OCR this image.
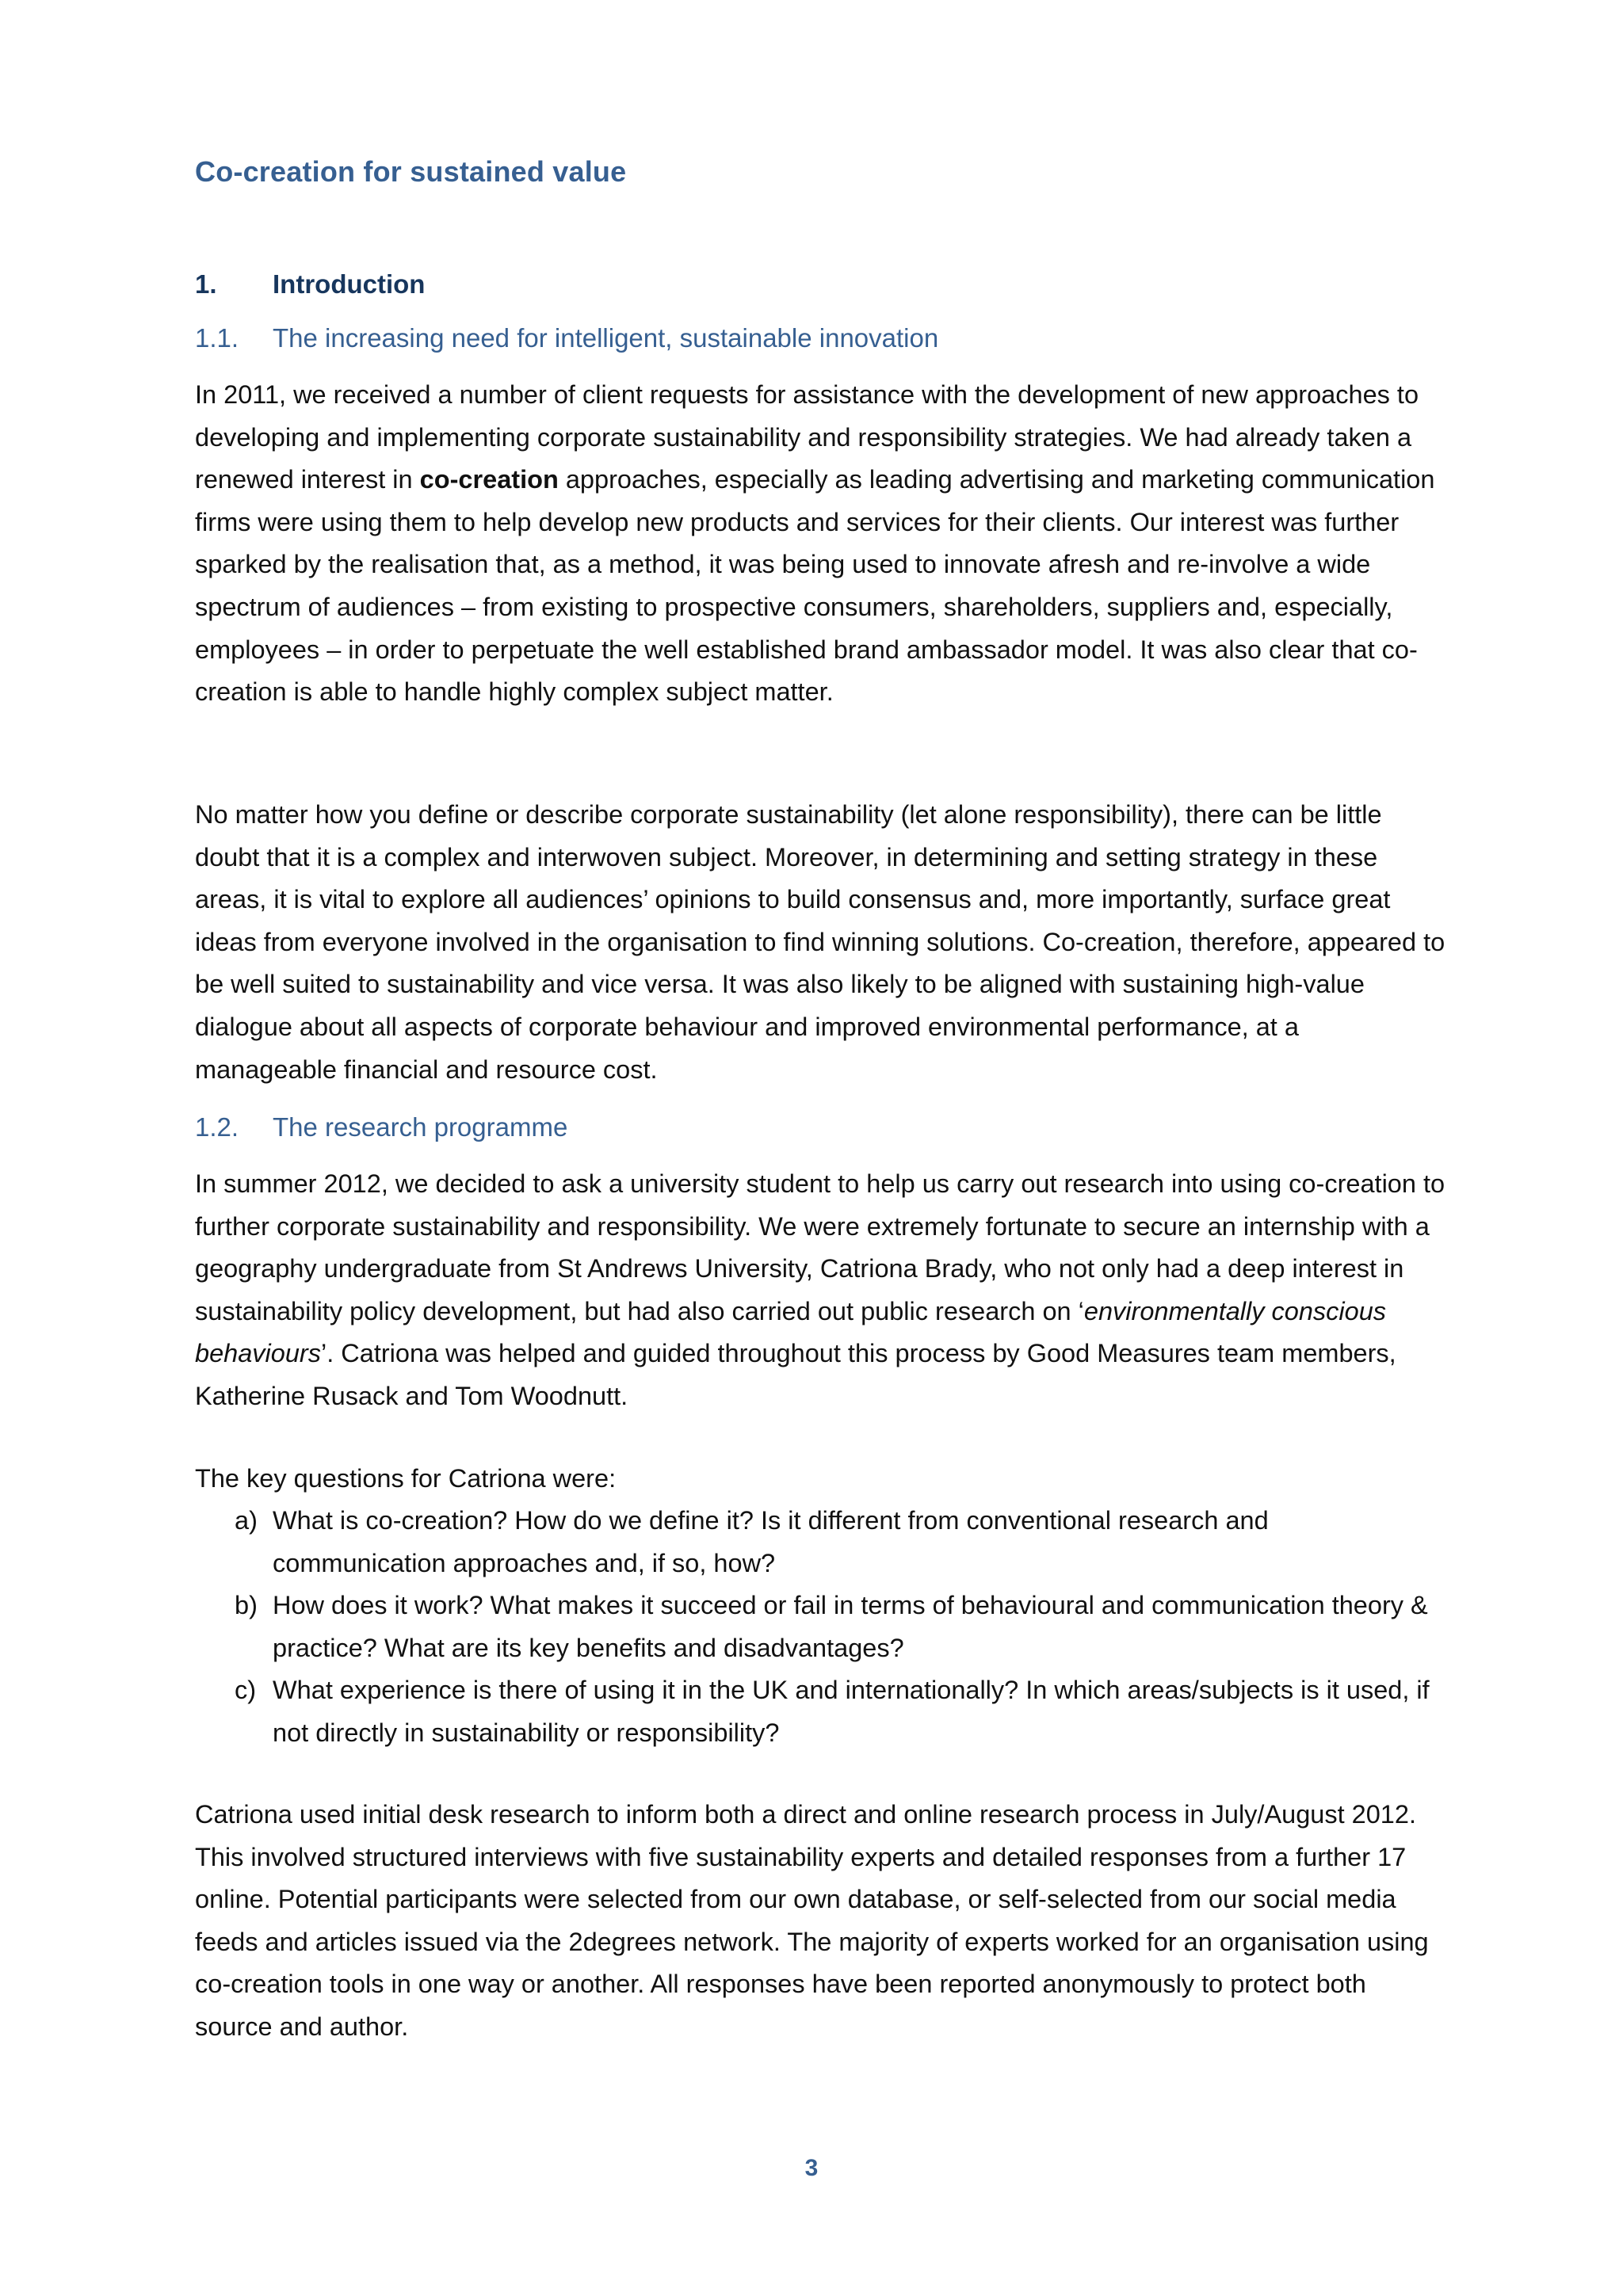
Co-creation for sustained value
1. Introduction
1.1. The increasing need for intelligent, sustainable innovation

In 2011, we received a number of client requests for assistance with the development of new approaches to developing and implementing corporate sustainability and responsibility strategies. We had already taken a renewed interest in co-creation approaches, especially as leading advertising and marketing communication firms were using them to help develop new products and services for their clients. Our interest was further sparked by the realisation that, as a method, it was being used to innovate afresh and re-involve a wide spectrum of audiences – from existing to prospective consumers, shareholders, suppliers and, especially, employees – in order to perpetuate the well established brand ambassador model. It was also clear that co-creation is able to handle highly complex subject matter.

No matter how you define or describe corporate sustainability (let alone responsibility), there can be little doubt that it is a complex and interwoven subject. Moreover, in determining and setting strategy in these areas, it is vital to explore all audiences’ opinions to build consensus and, more importantly, surface great ideas from everyone involved in the organisation to find winning solutions. Co-creation, therefore, appeared to be well suited to sustainability and vice versa. It was also likely to be aligned with sustaining high-value dialogue about all aspects of corporate behaviour and improved environmental performance, at a manageable financial and resource cost.

1.2. The research programme

In summer 2012, we decided to ask a university student to help us carry out research into using co-creation to further corporate sustainability and responsibility. We were extremely fortunate to secure an internship with a geography undergraduate from St Andrews University, Catriona Brady, who not only had a deep interest in sustainability policy development, but had also carried out public research on ‘environmentally conscious behaviours’. Catriona was helped and guided throughout this process by Good Measures team members, Katherine Rusack and Tom Woodnutt.

The key questions for Catriona were:

a) What is co-creation? How do we define it? Is it different from conventional research and communication approaches and, if so, how?
b) How does it work? What makes it succeed or fail in terms of behavioural and communication theory & practice? What are its key benefits and disadvantages?
c) What experience is there of using it in the UK and internationally? In which areas/subjects is it used, if not directly in sustainability or responsibility?

Catriona used initial desk research to inform both a direct and online research process in July/August 2012. This involved structured interviews with five sustainability experts and detailed responses from a further 17 online. Potential participants were selected from our own database, or self-selected from our social media feeds and articles issued via the 2degrees network. The majority of experts worked for an organisation using co-creation tools in one way or another. All responses have been reported anonymously to protect both source and author.

3
